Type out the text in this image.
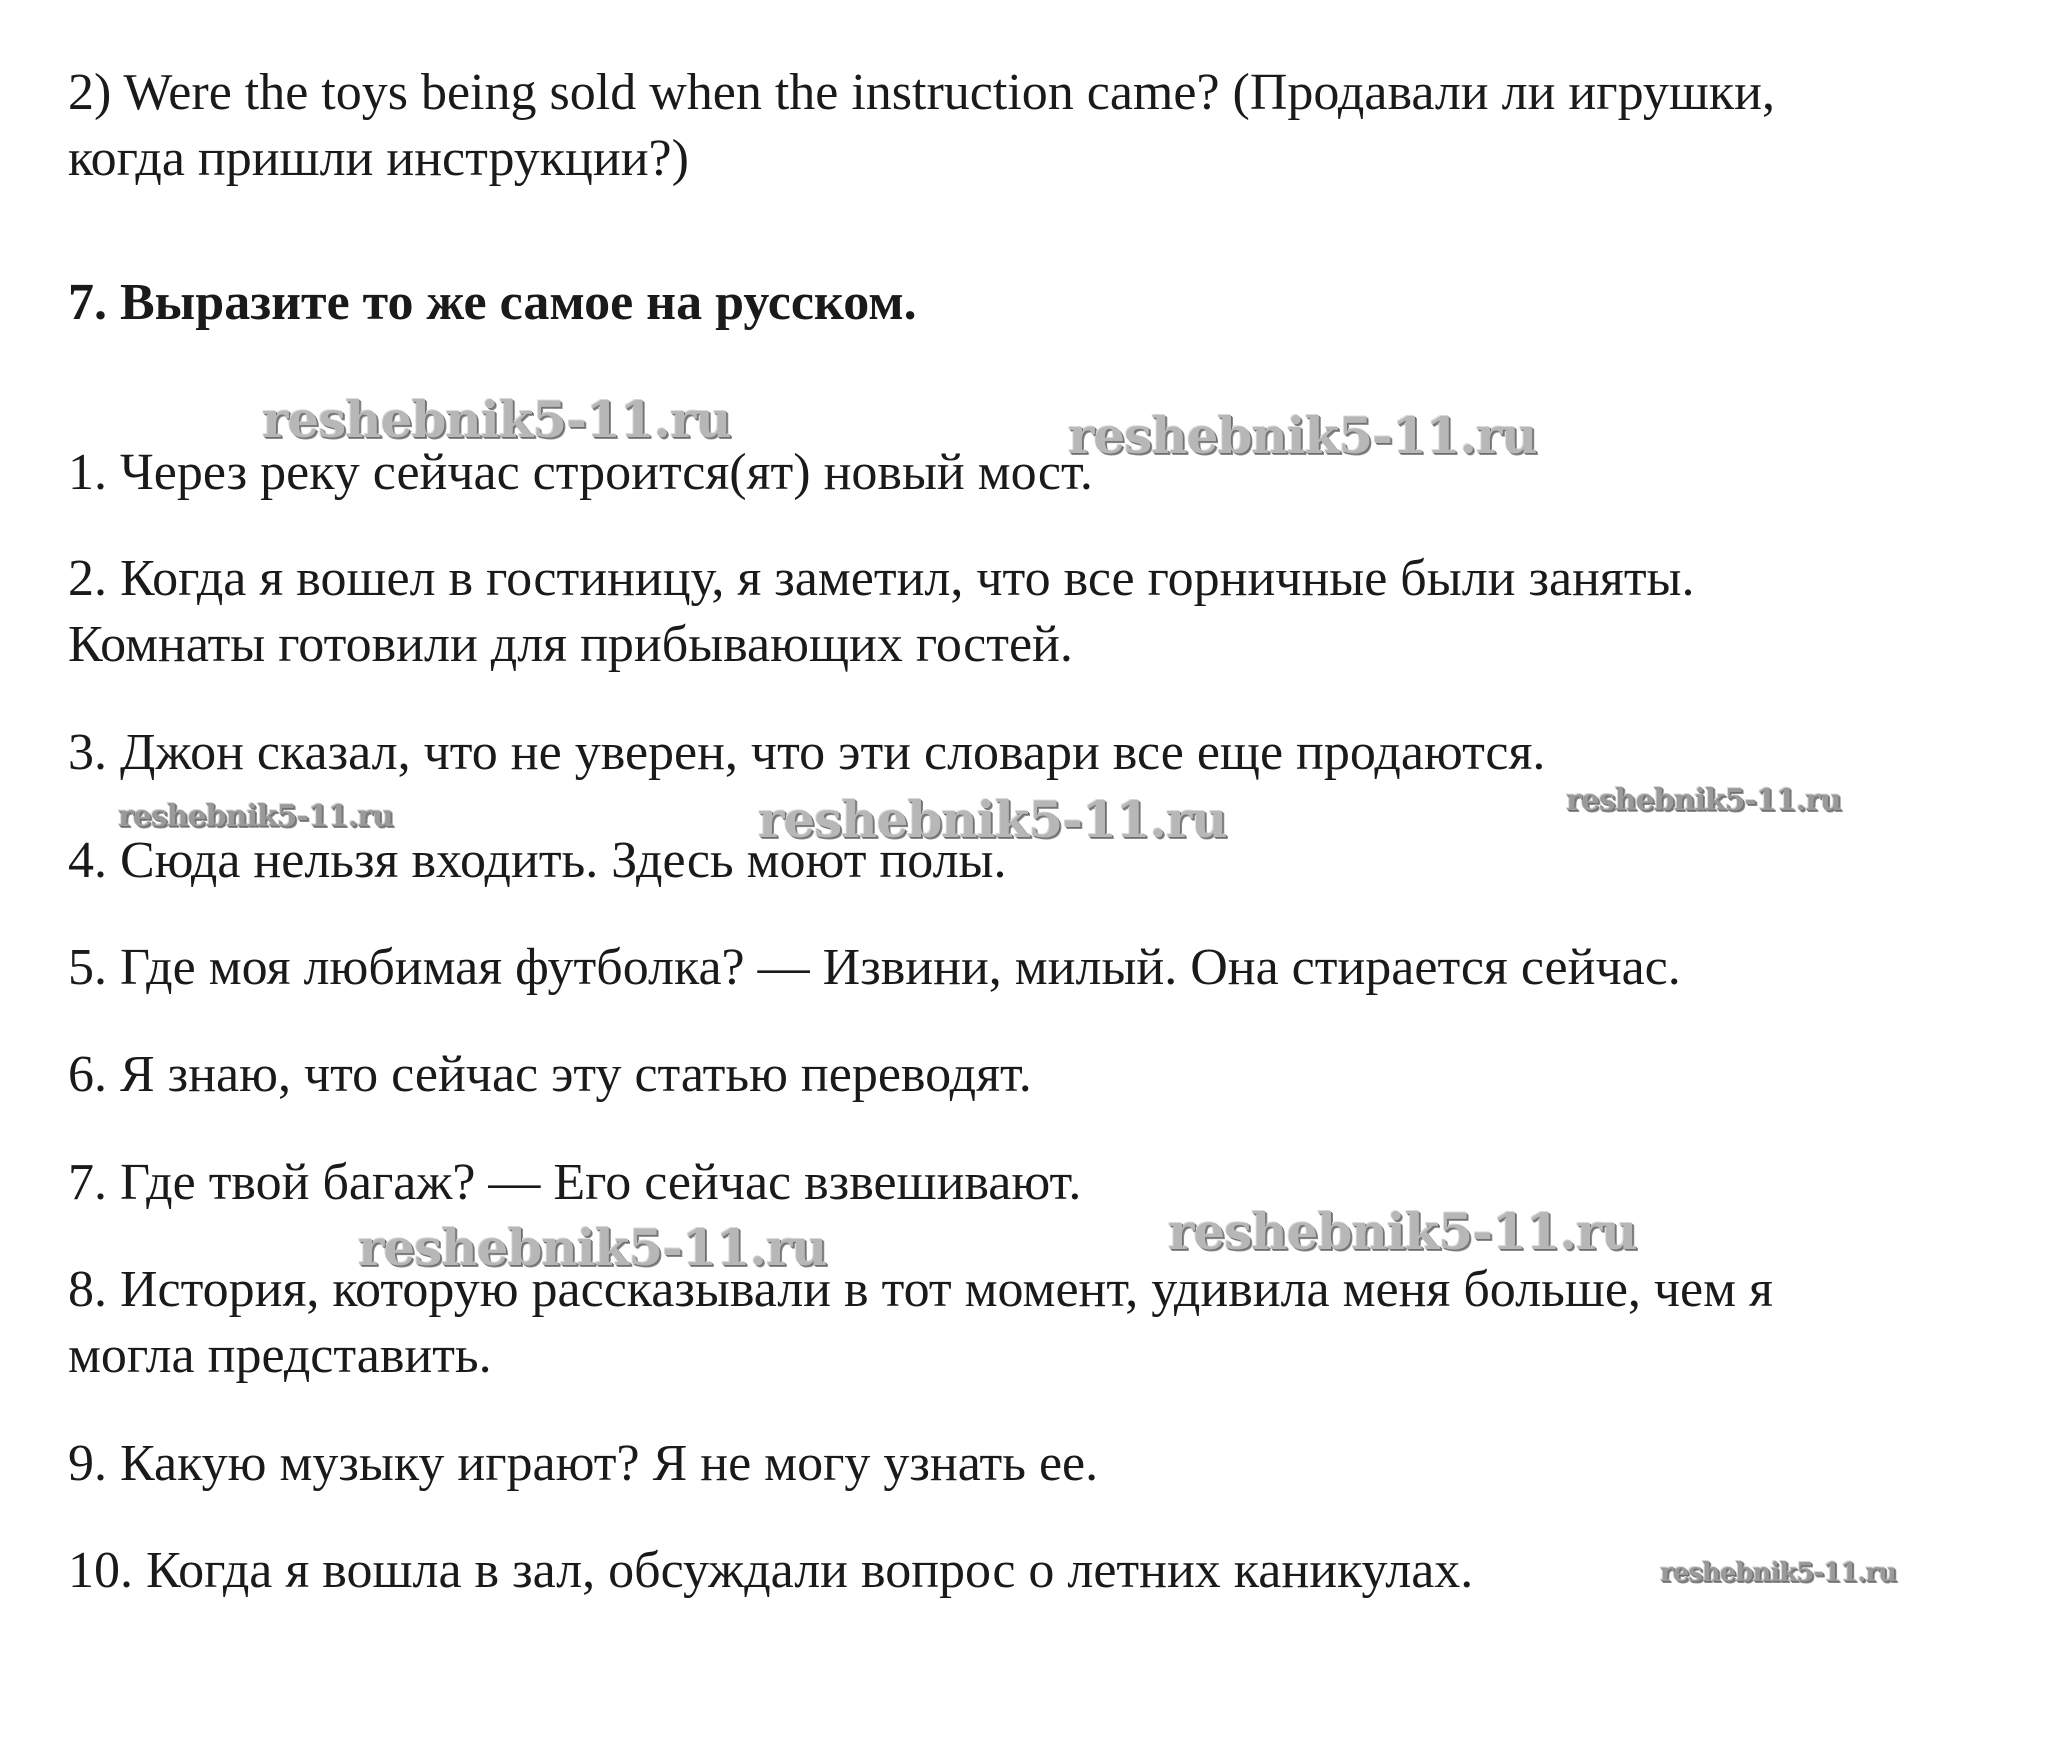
2) Were the toys being sold when the instruction came? (Продавали ли игрушки,
когда пришли инструкции?)
7. Выразите то же самое на русском.
1. Через реку сейчас строится(ят) новый мост.
2. Когда я вошел в гостиницу, я заметил, что все горничные были заняты.
Комнаты готовили для прибывающих гостей.
3. Джон сказал, что не уверен, что эти словари все еще продаются.
4. Сюда нельзя входить. Здесь моют полы.
5. Где моя любимая футболка? — Извини, милый. Она стирается сейчас.
6. Я знаю, что сейчас эту статью переводят.
7. Где твой багаж? — Его сейчас взвешивают.
8. История, которую рассказывали в тот момент, удивила меня больше, чем я
могла представить.
9. Какую музыку играют? Я не могу узнать ее.
10. Когда я вошла в зал, обсуждали вопрос о летних каникулах.
reshebnik5-11.ru	reshebnik5-11.ru
reshebnik5-11.ru	reshebnik5-11.ru	reshebnik5-11.ru
reshebnik5-11.ru	reshebnik5-11.ru
reshebnik5-11.ru
